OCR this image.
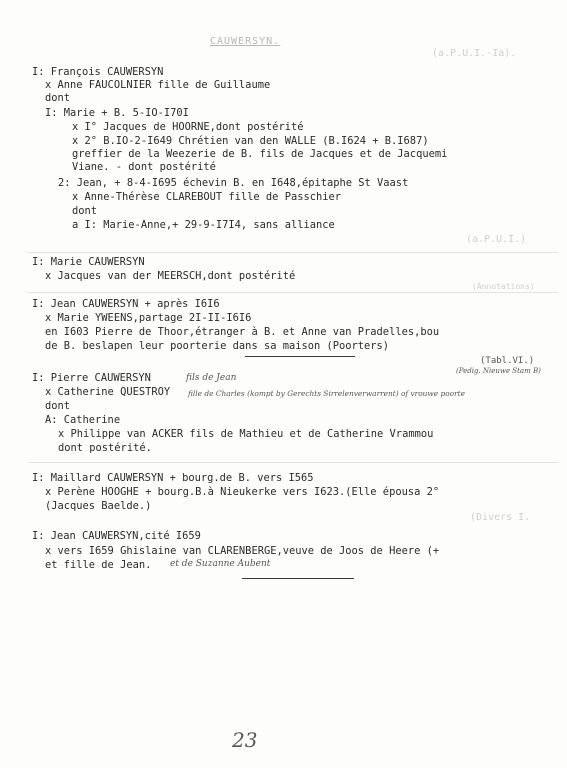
CAUWERSYN.
(a.P.U.I.-Ia).
I: François CAUWERSYN
x Anne FAUCOLNIER fille de Guillaume
dont
I: Marie + B. 5-IO-I70I
x I° Jacques de HOORNE,dont postérité
x 2° B.IO-2-I649 Chrétien van den WALLE (B.I624 + B.I687)
greffier de la Weezerie de B. fils de Jacques et de Jacquemi
Viane. - dont postérité
2: Jean, + 8-4-I695 échevin B. en I648,épitaphe St Vaast
x Anne-Thérèse CLAREBOUT fille de Passchier
dont
a I: Marie-Anne,+ 29-9-I7I4, sans alliance
(a.P.U.I.)
I: Marie CAUWERSYN
x Jacques van der MEERSCH,dont postérité
(Annotations)
I: Jean CAUWERSYN + après I6I6
x Marie YWEENS,partage 2I-II-I6I6
en I603 Pierre de Thoor,étranger à B. et Anne van Pradelles,bou
de B. beslapen leur poorterie dans sa maison (Poorters)
(Tabl.VI.)
(Pedig. Nieuwe Stam B)
I: Pierre CAUWERSYN	fils de Jean
x Catherine QUESTROY fille de Charles (kompt by Gerechts Sirrelenverwarrent) of vrouwe poorte
dont
A: Catherine
x Philippe van ACKER fils de Mathieu et de Catherine Vrammou
dont postérité.
I: Maillard CAUWERSYN + bourg.de B. vers I565
x Perène HOOGHE + bourg.B.à Nieukerke vers I623.(Elle épousa 2°
(Jacques Baelde.)
(Divers I.
I: Jean CAUWERSYN,cité I659
x vers I659 Ghislaine van CLARENBERGE,veuve de Joos de Heere (+
et fille de Jean. et de Suzanne Aubent
23
